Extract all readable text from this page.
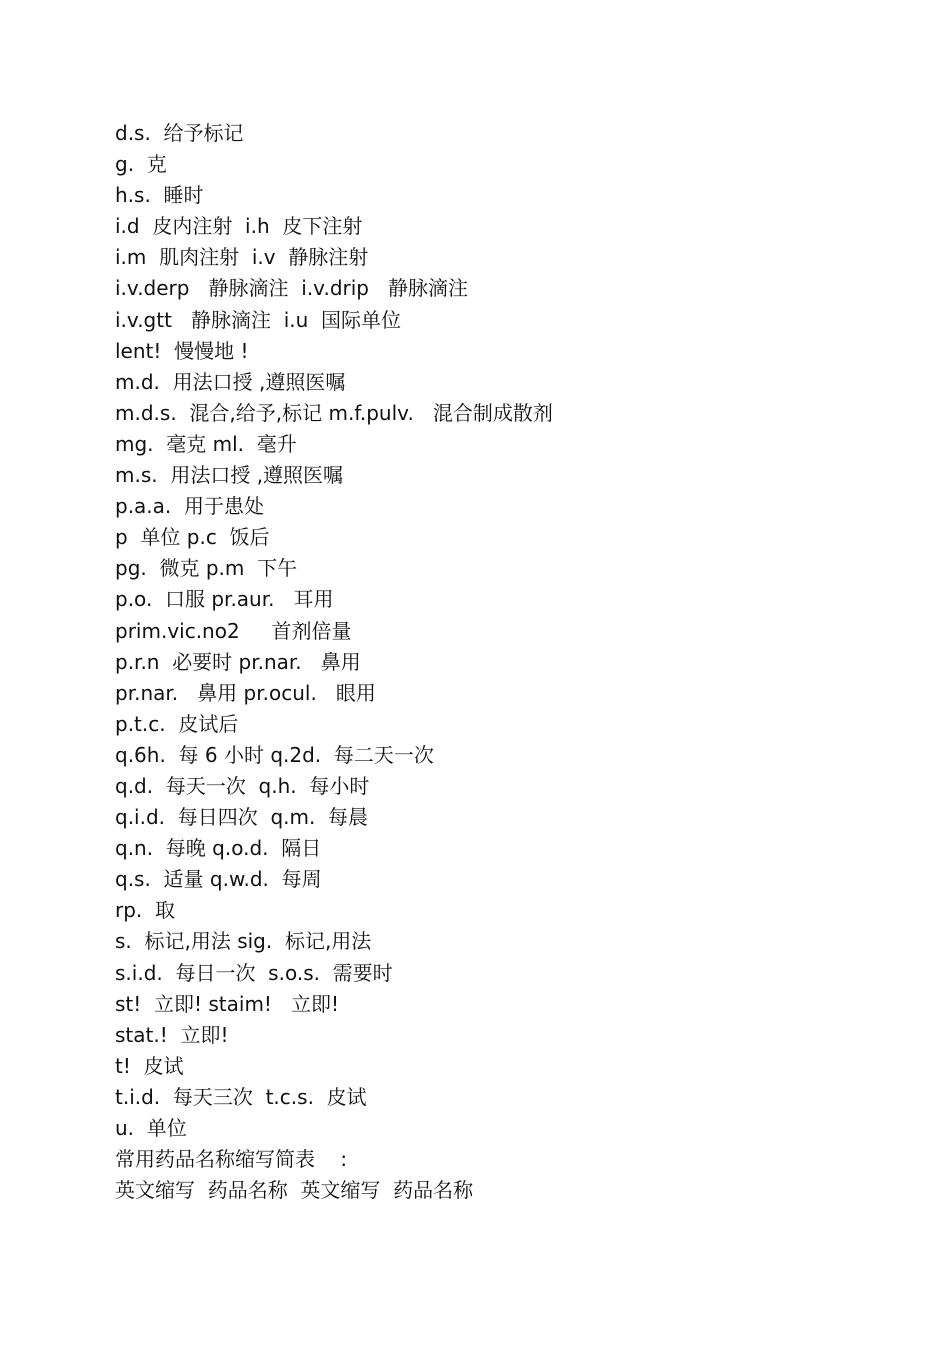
d.s.  给予标记
g.  克
h.s.  睡时
i.d  皮内注射  i.h  皮下注射
i.m  肌肉注射  i.v  静脉注射
i.v.derp   静脉滴注  i.v.drip   静脉滴注
i.v.gtt   静脉滴注  i.u  国际单位
lent!  慢慢地 !
m.d.  用法口授 ,遵照医嘱
m.d.s.  混合,给予,标记 m.f.pulv.   混合制成散剂
mg.  毫克 ml.  毫升
m.s.  用法口授 ,遵照医嘱
p.a.a.  用于患处
p  单位 p.c  饭后
pg.  微克 p.m  下午
p.o.  口服 pr.aur.   耳用
prim.vic.no2     首剂倍量
p.r.n  必要时 pr.nar.   鼻用
pr.nar.   鼻用 pr.ocul.   眼用
p.t.c.  皮试后
q.6h.  每 6 小时 q.2d.  每二天一次
q.d.  每天一次  q.h.  每小时
q.i.d.  每日四次  q.m.  每晨
q.n.  每晚 q.o.d.  隔日
q.s.  适量 q.w.d.  每周
rp.  取
s.  标记,用法 sig.  标记,用法
s.i.d.  每日一次  s.o.s.  需要时
st!  立即! staim!   立即!
stat.!  立即!
t!  皮试
t.i.d.  每天三次  t.c.s.  皮试
u.  单位
常用药品名称缩写简表    :
英文缩写  药品名称  英文缩写  药品名称
